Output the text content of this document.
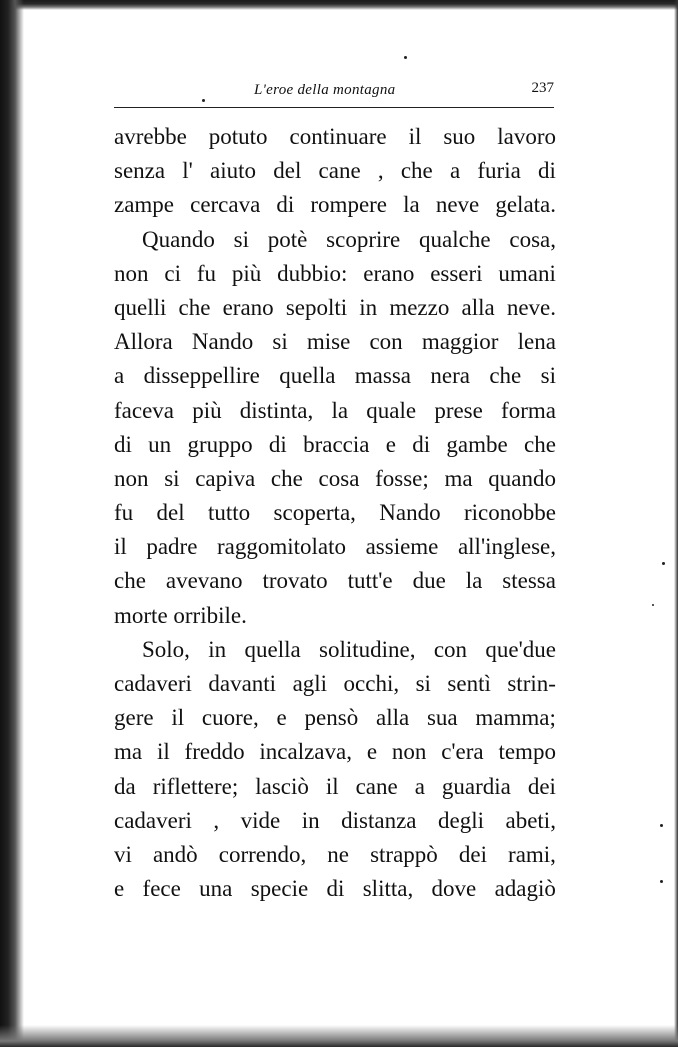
L'eroe della montagna	237
avrebbe potuto continuare il suo lavoro
senza l' aiuto del cane , che a furia di
zampe cercava di rompere la neve gelata.
Quando si potè scoprire qualche cosa,
non ci fu più dubbio: erano esseri umani
quelli che erano sepolti in mezzo alla neve.
Allora Nando si mise con maggior lena
a disseppellire quella massa nera che si
faceva più distinta, la quale prese forma
di un gruppo di braccia e di gambe che
non si capiva che cosa fosse; ma quando
fu del tutto scoperta, Nando riconobbe
il padre raggomitolato assieme all'inglese,
che avevano trovato tutt'e due la stessa
morte orribile.
Solo, in quella solitudine, con que'due
cadaveri davanti agli occhi, si sentì strin-
gere il cuore, e pensò alla sua mamma;
ma il freddo incalzava, e non c'era tempo
da riflettere; lasciò il cane a guardia dei
cadaveri , vide in distanza degli abeti,
vi andò correndo, ne strappò dei rami,
e fece una specie di slitta, dove adagiò
